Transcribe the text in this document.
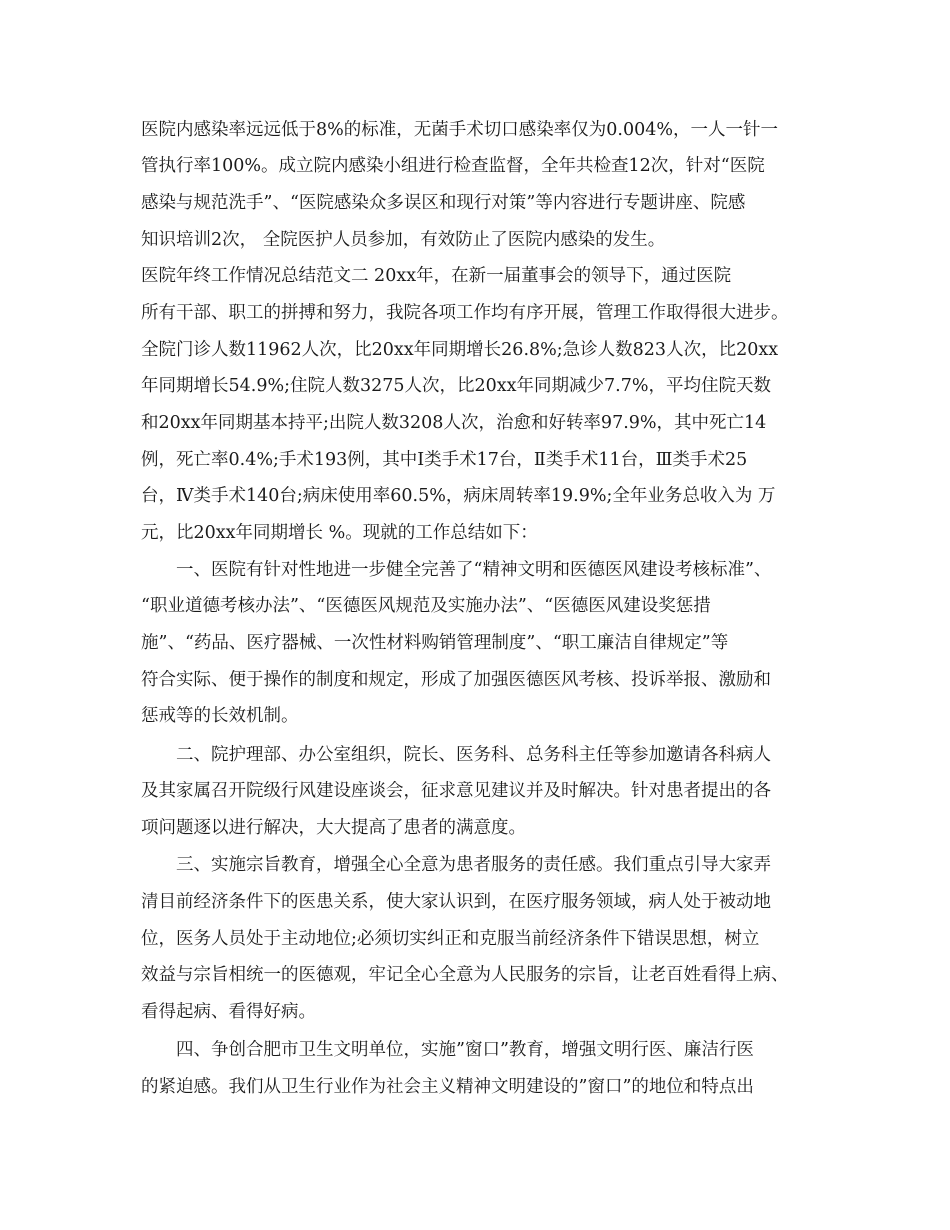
医院内感染率远远低于8%的标准，无菌手术切口感染率仅为0.004%，一人一针一
管执行率100%。成立院内感染小组进行检查监督，全年共检查12次，针对“医院
感染与规范洗手”、“医院感染众多误区和现行对策”等内容进行专题讲座、院感
知识培训2次， 全院医护人员参加，有效防止了医院内感染的发生。
医院年终工作情况总结范文二 20xx年，在新一届董事会的领导下，通过医院
所有干部、职工的拼搏和努力，我院各项工作均有序开展，管理工作取得很大进步。
全院门诊人数11962人次，比20xx年同期增长26.8%;急诊人数823人次，比20xx
年同期增长54.9%;住院人数3275人次，比20xx年同期减少7.7%，平均住院天数
和20xx年同期基本持平;出院人数3208人次，治愈和好转率97.9%，其中死亡14
例，死亡率0.4%;手术193例，其中Ⅰ类手术17台，Ⅱ类手术11台，Ⅲ类手术25
台，Ⅳ类手术140台;病床使用率60.5%，病床周转率19.9%;全年业务总收入为 万
元，比20xx年同期增长 %。现就的工作总结如下：
一、医院有针对性地进一步健全完善了“精神文明和医德医风建设考核标准”、
“职业道德考核办法”、“医德医风规范及实施办法”、“医德医风建设奖惩措
施”、“药品、医疗器械、一次性材料购销管理制度”、“职工廉洁自律规定”等
符合实际、便于操作的制度和规定，形成了加强医德医风考核、投诉举报、激励和
惩戒等的长效机制。
二、院护理部、办公室组织，院长、医务科、总务科主任等参加邀请各科病人
及其家属召开院级行风建设座谈会，征求意见建议并及时解决。针对患者提出的各
项问题逐以进行解决，大大提高了患者的满意度。
三、实施宗旨教育，增强全心全意为患者服务的责任感。我们重点引导大家弄
清目前经济条件下的医患关系，使大家认识到，在医疗服务领域，病人处于被动地
位，医务人员处于主动地位;必须切实纠正和克服当前经济条件下错误思想，树立
效益与宗旨相统一的医德观，牢记全心全意为人民服务的宗旨，让老百姓看得上病、
看得起病、看得好病。
四、争创合肥市卫生文明单位，实施”窗口”教育，增强文明行医、廉洁行医
的紧迫感。我们从卫生行业作为社会主义精神文明建设的”窗口”的地位和特点出
